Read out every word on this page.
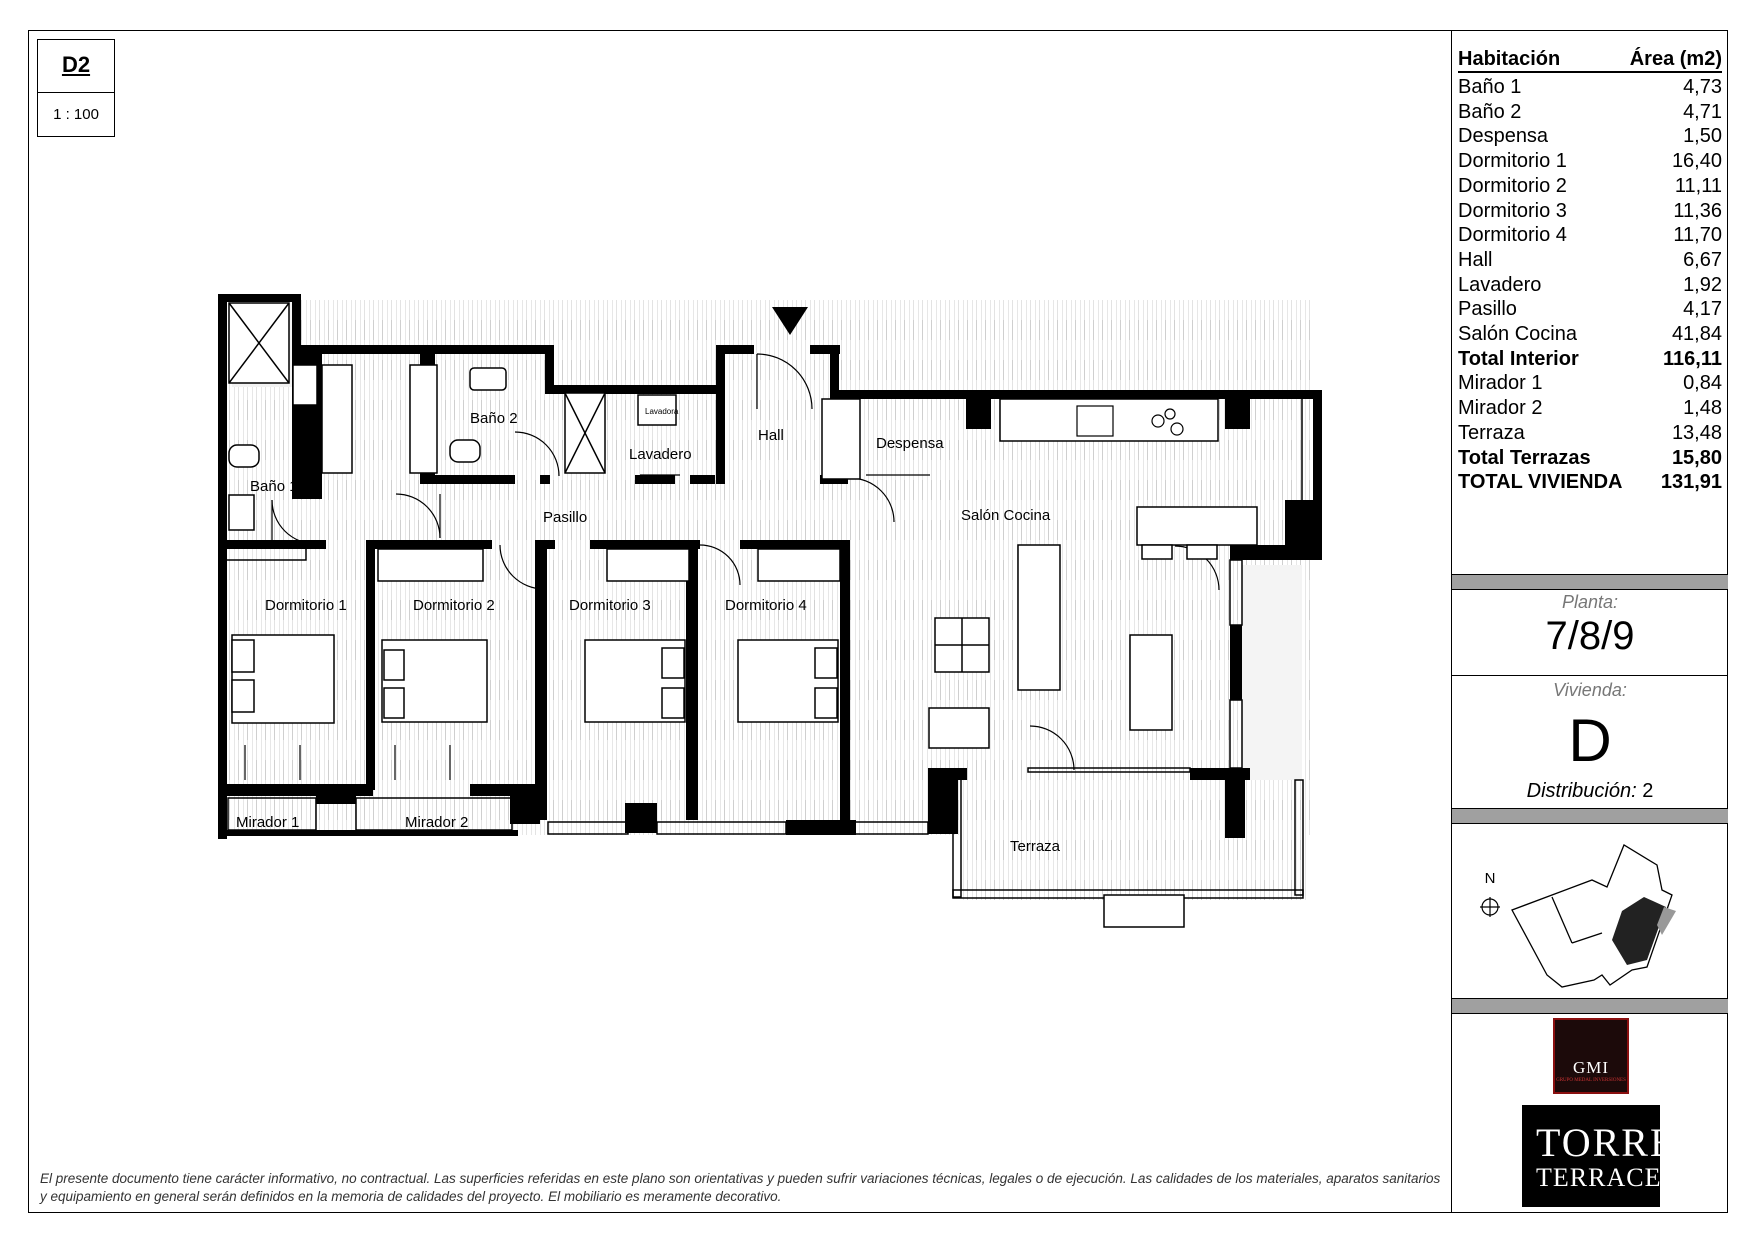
D2
1 : 100
Baño 1
Baño 2
Lavadero
Lavadora
Hall	Despensa
Pasillo	Salón Cocina
Dormitorio 1	Dormitorio 2	Dormitorio 3	Dormitorio 4
Mirador 1	Mirador 2
Terraza
Habitación	Área (m2)
Baño 1	4,73
Baño 2	4,71
Despensa	1,50
Dormitorio 1	16,40
Dormitorio 2	11,11
Dormitorio 3	11,36
Dormitorio 4	11,70
Hall	6,67
Lavadero	1,92
Pasillo	4,17
Salón Cocina	41,84
Total Interior	116,11
Mirador 1	0,84
Mirador 2	1,48
Terraza	13,48
Total Terrazas	15,80
TOTAL VIVIENDA 131,91
Planta:
7/8/9
Vivienda:
D
Distribución: 2
N
GMI
GRUPO MEDAL INVERSIONES
TORRE
TERRACE
El presente documento tiene carácter informativo, no contractual. Las superficies referidas en este plano son orientativas y pueden sufrir variaciones técnicas, legales o de ejecución. Las calidades de los materiales, aparatos sanitarios y equipamiento en general serán definidos en la memoria de calidades del proyecto. El mobiliario es meramente decorativo.
